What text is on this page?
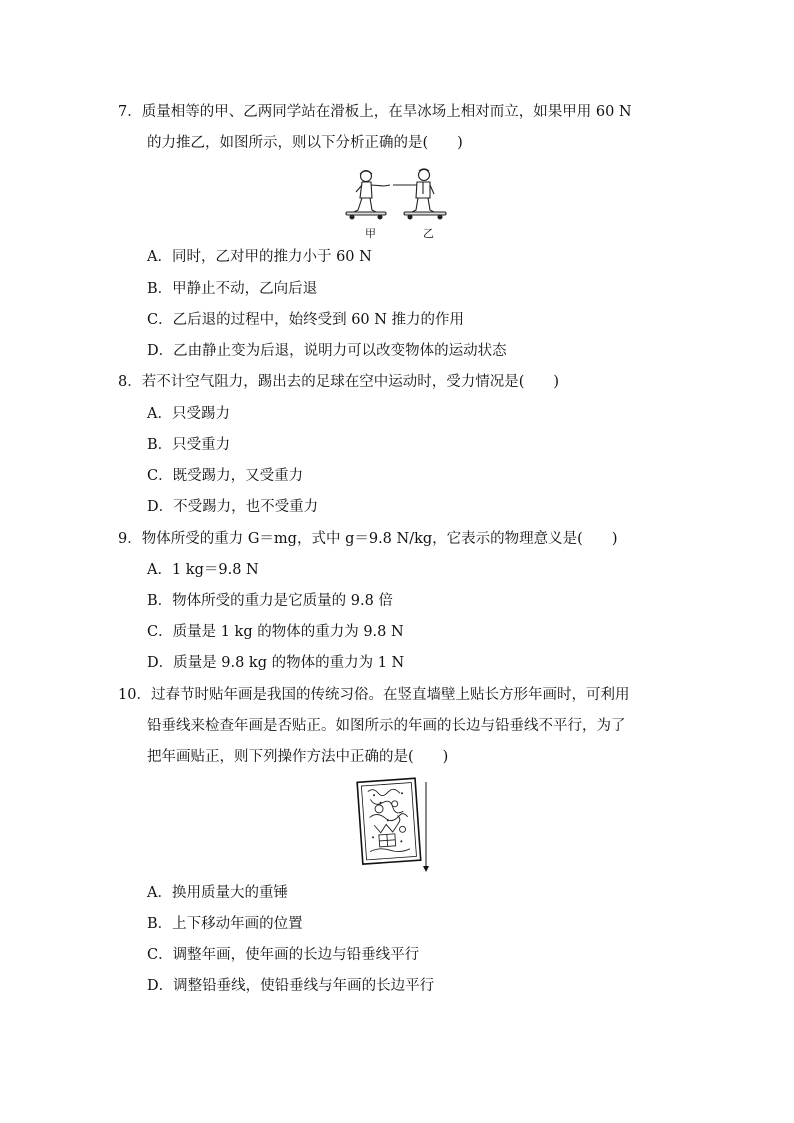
7．质量相等的甲、乙两同学站在滑板上，在旱冰场上相对而立，如果甲用 60 N
的力推乙，如图所示，则以下分析正确的是(　　)
甲	乙
A．同时，乙对甲的推力小于 60 N
B．甲静止不动，乙向后退
C．乙后退的过程中，始终受到 60 N 推力的作用
D．乙由静止变为后退，说明力可以改变物体的运动状态
8．若不计空气阻力，踢出去的足球在空中运动时，受力情况是(　　)
A．只受踢力
B．只受重力
C．既受踢力，又受重力
D．不受踢力，也不受重力
9．物体所受的重力 G＝mg，式中 g＝9.8 N/kg，它表示的物理意义是(　　)
A．1 kg＝9.8 N
B．物体所受的重力是它质量的 9.8 倍
C．质量是 1 kg 的物体的重力为 9.8 N
D．质量是 9.8 kg 的物体的重力为 1 N
10．过春节时贴年画是我国的传统习俗。在竖直墙壁上贴长方形年画时，可利用
铅垂线来检查年画是否贴正。如图所示的年画的长边与铅垂线不平行，为了
把年画贴正，则下列操作方法中正确的是(　　)
A．换用质量大的重锤
B．上下移动年画的位置
C．调整年画，使年画的长边与铅垂线平行
D．调整铅垂线，使铅垂线与年画的长边平行
